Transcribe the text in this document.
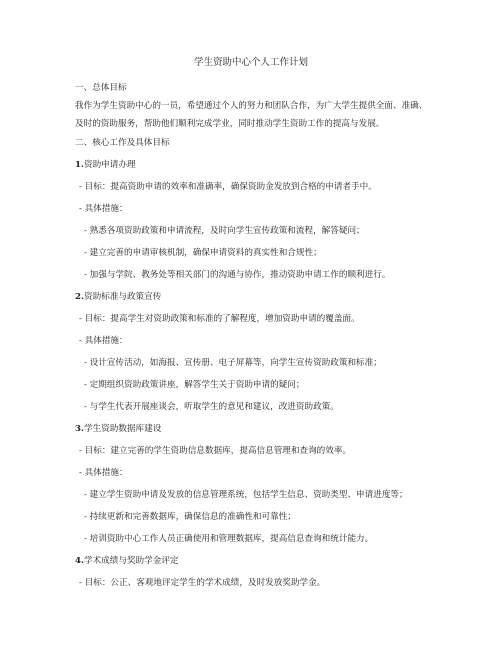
学生资助中心个人工作计划
一、总体目标
我作为学生资助中心的一员，希望通过个人的努力和团队合作，为广大学生提供全面、准确、及时的资助服务，帮助他们顺利完成学业，同时推动学生资助工作的提高与发展。
二、核心工作及具体目标
1.资助申请办理
- 目标：提高资助申请的效率和准确率，确保资助金发放到合格的申请者手中。
- 具体措施：
- 熟悉各项资助政策和申请流程，及时向学生宣传政策和流程，解答疑问；
- 建立完善的申请审核机制，确保申请资料的真实性和合规性；
- 加强与学院、教务处等相关部门的沟通与协作，推动资助申请工作的顺利进行。
2.资助标准与政策宣传
- 目标：提高学生对资助政策和标准的了解程度，增加资助申请的覆盖面。
- 具体措施：
- 设计宣传活动，如海报、宣传册、电子屏幕等，向学生宣传资助政策和标准；
- 定期组织资助政策讲座，解答学生关于资助申请的疑问；
- 与学生代表开展座谈会，听取学生的意见和建议，改进资助政策。
3.学生资助数据库建设
- 目标：建立完善的学生资助信息数据库，提高信息管理和查询的效率。
- 具体措施：
- 建立学生资助申请及发放的信息管理系统，包括学生信息、资助类型、申请进度等；
- 持续更新和完善数据库，确保信息的准确性和可靠性；
- 培训资助中心工作人员正确使用和管理数据库，提高信息查询和统计能力。
4.学术成绩与奖助学金评定
- 目标：公正、客观地评定学生的学术成绩，及时发放奖助学金。
